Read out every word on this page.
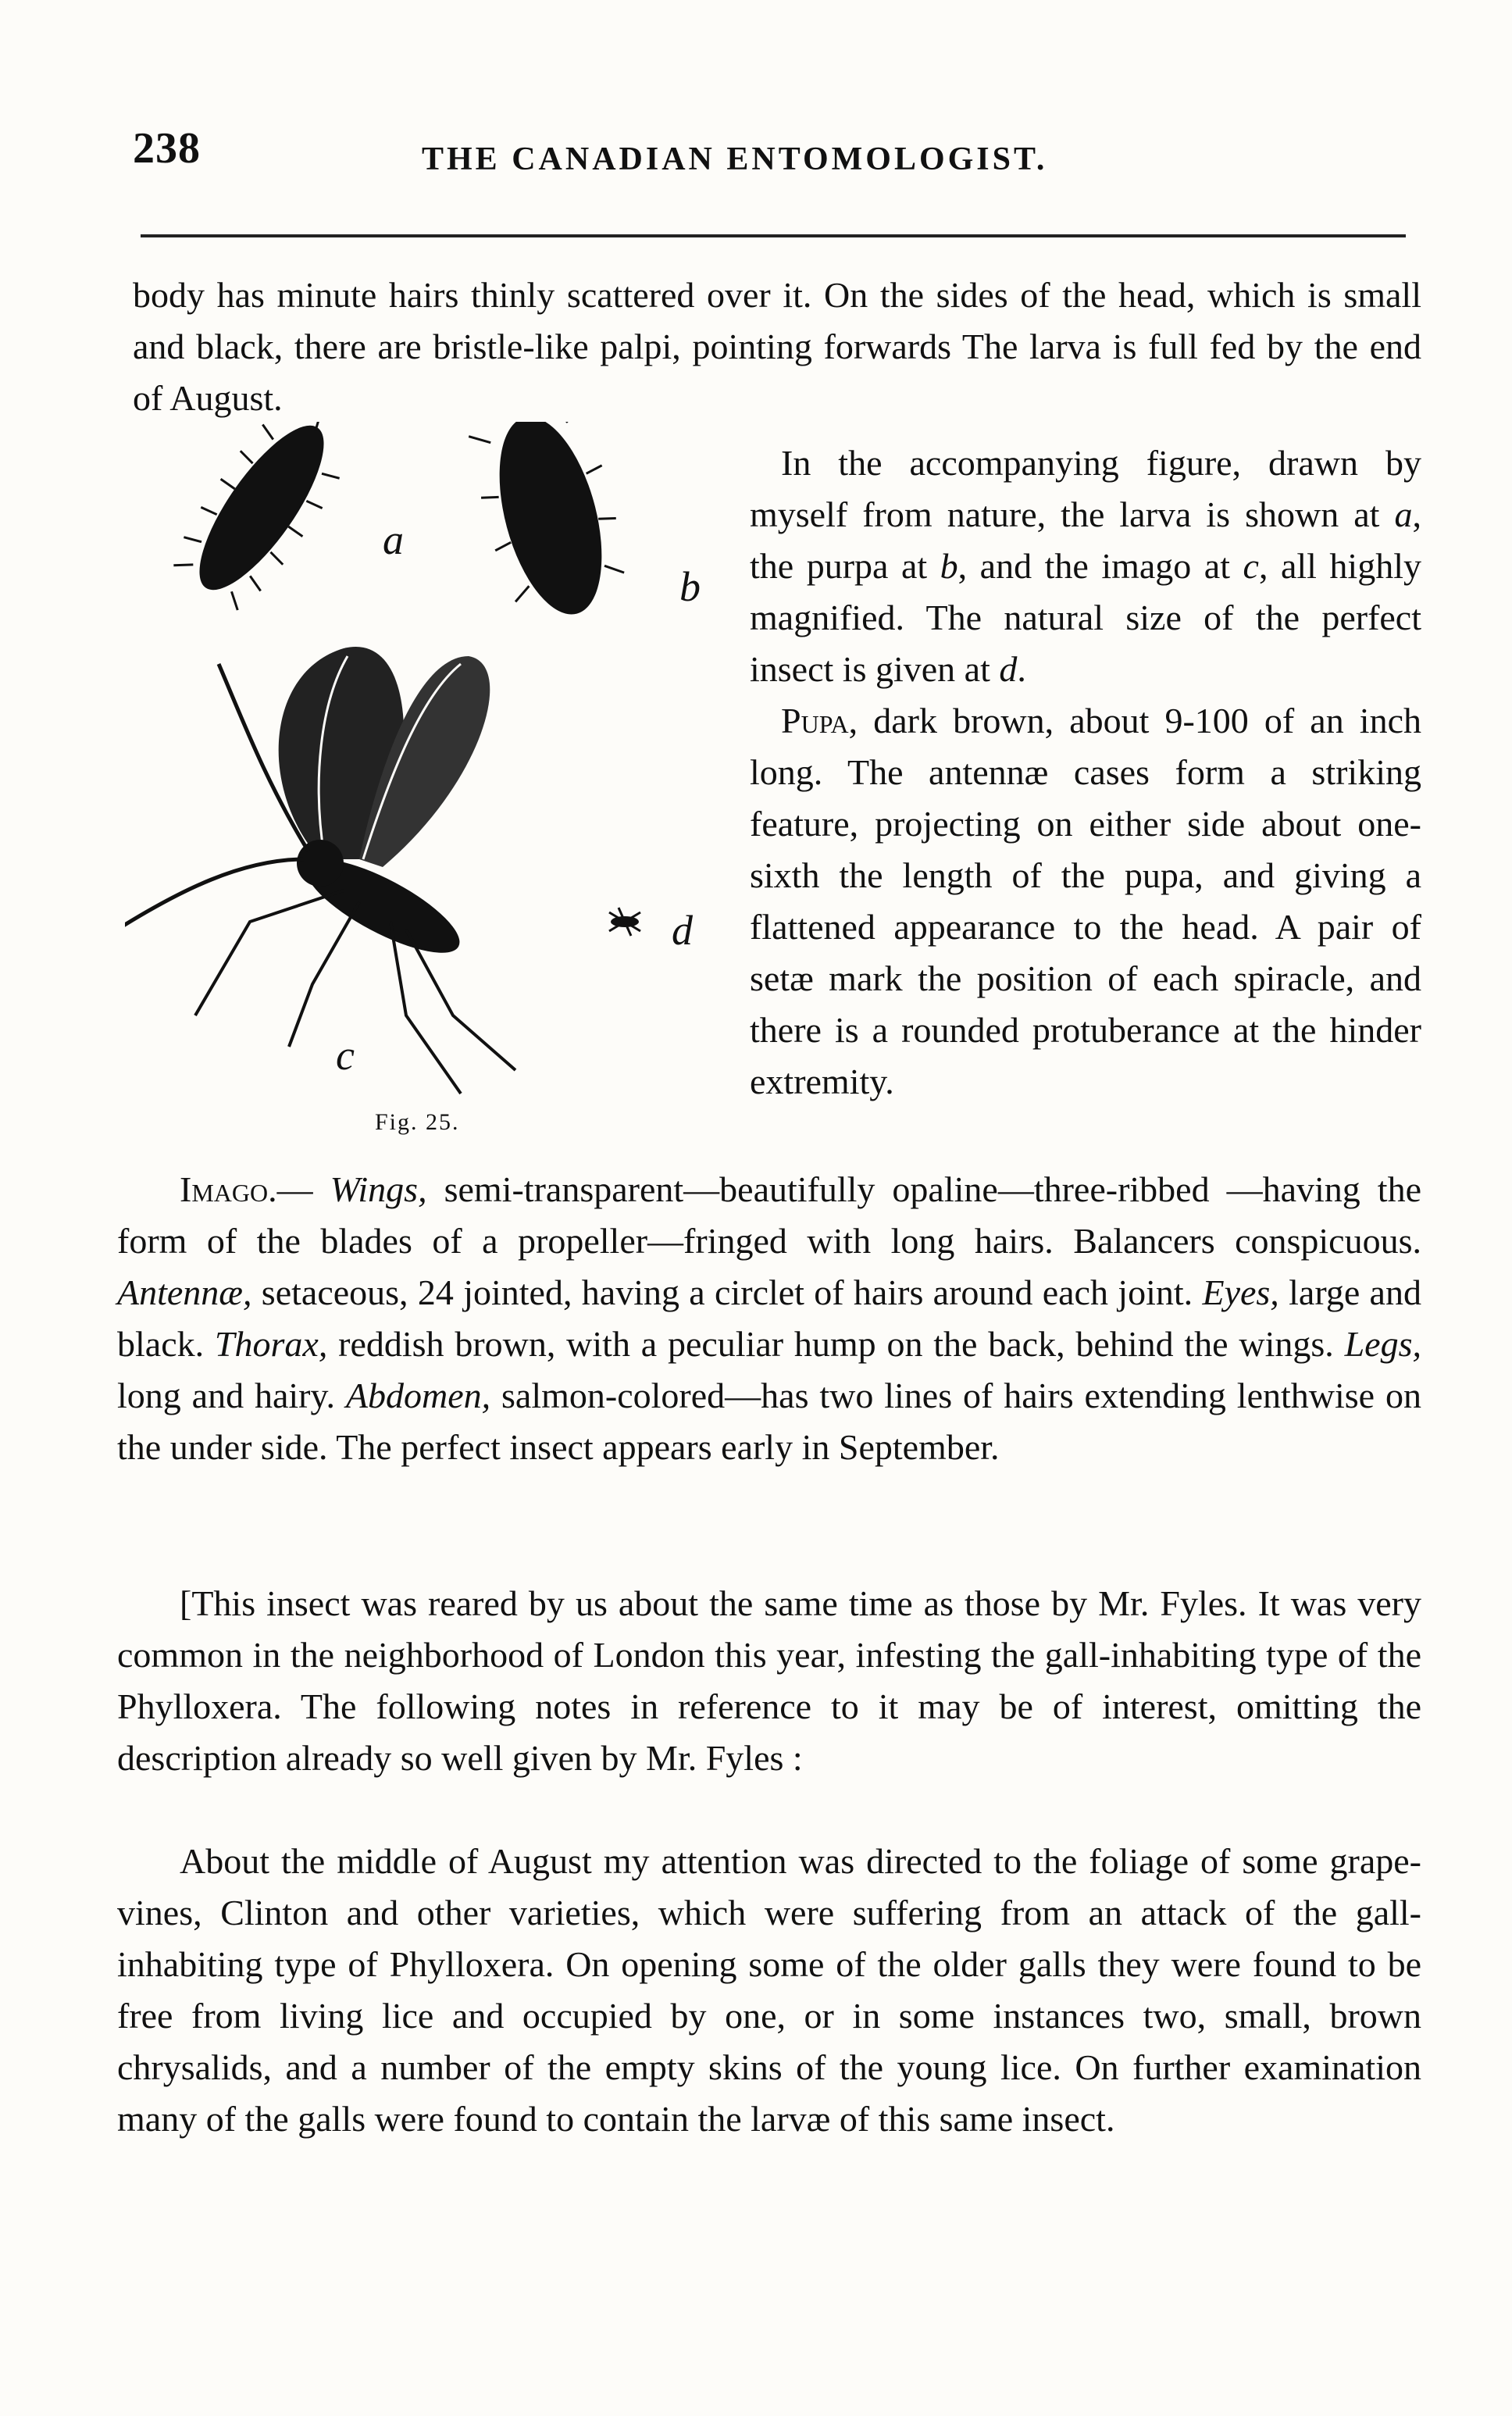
238	THE CANADIAN ENTOMOLOGIST.

body has minute hairs thinly scattered over it. On the sides of the head, which is small and black, there are bristle-like palpi, pointing forwards The larva is full fed by the end of August.

a
b
c
d
Fig. 25.

In the accompanying figure, drawn by myself from nature, the larva is shown at a, the purpa at b, and the imago at c, all highly magnified. The natural size of the perfect insect is given at d.

Pupa, dark brown, about 9-100 of an inch long. The antennæ cases form a striking feature, projecting on either side about one-sixth the length of the pupa, and giving a flattened appearance to the head. A pair of setæ mark the position of each spiracle, and there is a rounded protuberance at the hinder extremity.

Imago.— Wings, semi-transparent—beautifully opaline—three-ribbed —having the form of the blades of a propeller—fringed with long hairs. Balancers conspicuous. Antennæ, setaceous, 24 jointed, having a circlet of hairs around each joint. Eyes, large and black. Thorax, reddish brown, with a peculiar hump on the back, behind the wings. Legs, long and hairy. Abdomen, salmon-colored—has two lines of hairs extending lenthwise on the under side. The perfect insect appears early in September.

[This insect was reared by us about the same time as those by Mr. Fyles. It was very common in the neighborhood of London this year, infesting the gall-inhabiting type of the Phylloxera. The following notes in reference to it may be of interest, omitting the description already so well given by Mr. Fyles :

About the middle of August my attention was directed to the foliage of some grape-vines, Clinton and other varieties, which were suffering from an attack of the gall-inhabiting type of Phylloxera. On opening some of the older galls they were found to be free from living lice and occupied by one, or in some instances two, small, brown chrysalids, and a number of the empty skins of the young lice. On further examination many of the galls were found to contain the larvæ of this same insect.
